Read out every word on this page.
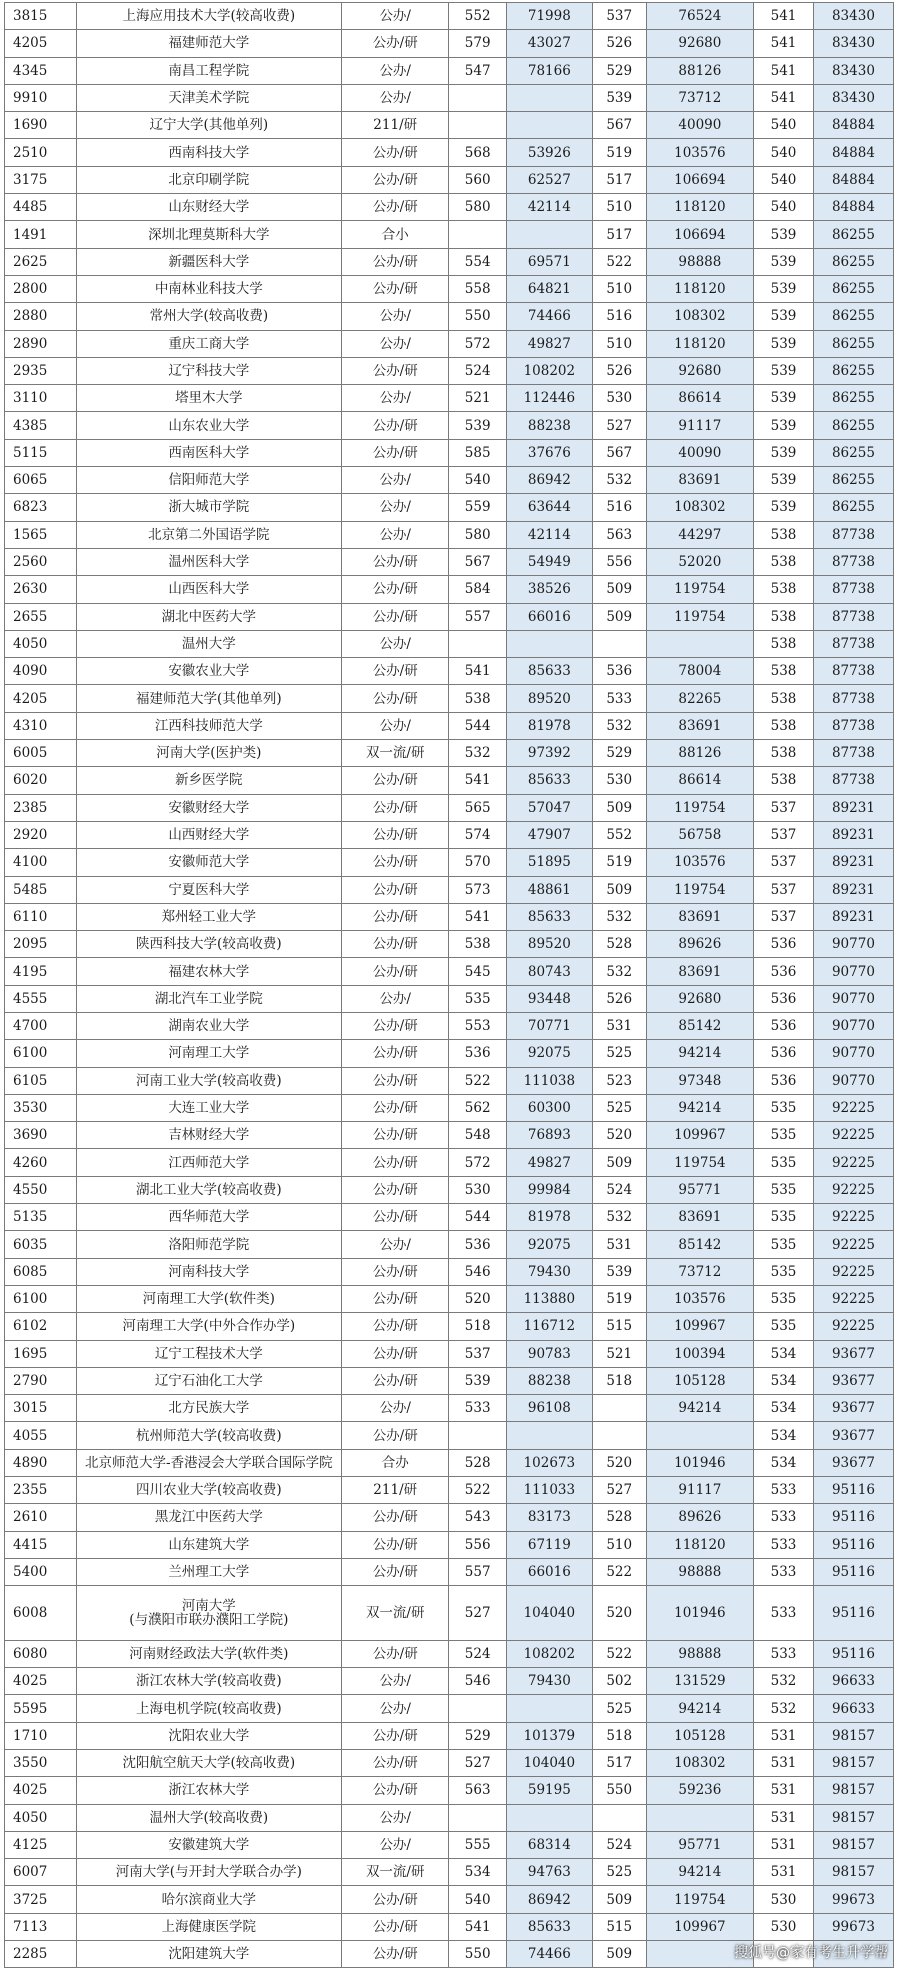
3815	上海应用技术大学(较高收费)	公办/	552	71998	537	76524	541	83430
4205	福建师范大学	公办/研	579	43027	526	92680	541	83430
4345	南昌工程学院	公办/	547	78166	529	88126	541	83430
9910	天津美术学院	公办/			539	73712	541	83430
1690	辽宁大学(其他单列)	211/研			567	40090	540	84884
2510	西南科技大学	公办/研	568	53926	519	103576	540	84884
3175	北京印刷学院	公办/研	560	62527	517	106694	540	84884
4485	山东财经大学	公办/研	580	42114	510	118120	540	84884
1491	深圳北理莫斯科大学	合小			517	106694	539	86255
2625	新疆医科大学	公办/研	554	69571	522	98888	539	86255
2800	中南林业科技大学	公办/研	558	64821	510	118120	539	86255
2880	常州大学(较高收费)	公办/	550	74466	516	108302	539	86255
2890	重庆工商大学	公办/	572	49827	510	118120	539	86255
2935	辽宁科技大学	公办/研	524	108202	526	92680	539	86255
3110	塔里木大学	公办/	521	112446	530	86614	539	86255
4385	山东农业大学	公办/研	539	88238	527	91117	539	86255
5115	西南医科大学	公办/研	585	37676	567	40090	539	86255
6065	信阳师范大学	公办/	540	86942	532	83691	539	86255
6823	浙大城市学院	公办/	559	63644	516	108302	539	86255
1565	北京第二外国语学院	公办/	580	42114	563	44297	538	87738
2560	温州医科大学	公办/研	567	54949	556	52020	538	87738
2630	山西医科大学	公办/研	584	38526	509	119754	538	87738
2655	湖北中医药大学	公办/研	557	66016	509	119754	538	87738
4050	温州大学	公办/					538	87738
4090	安徽农业大学	公办/研	541	85633	536	78004	538	87738
4205	福建师范大学(其他单列)	公办/研	538	89520	533	82265	538	87738
4310	江西科技师范大学	公办/	544	81978	532	83691	538	87738
6005	河南大学(医护类)	双一流/研	532	97392	529	88126	538	87738
6020	新乡医学院	公办/研	541	85633	530	86614	538	87738
2385	安徽财经大学	公办/研	565	57047	509	119754	537	89231
2920	山西财经大学	公办/研	574	47907	552	56758	537	89231
4100	安徽师范大学	公办/研	570	51895	519	103576	537	89231
5485	宁夏医科大学	公办/研	573	48861	509	119754	537	89231
6110	郑州轻工业大学	公办/研	541	85633	532	83691	537	89231
2095	陕西科技大学(较高收费)	公办/研	538	89520	528	89626	536	90770
4195	福建农林大学	公办/研	545	80743	532	83691	536	90770
4555	湖北汽车工业学院	公办/	535	93448	526	92680	536	90770
4700	湖南农业大学	公办/研	553	70771	531	85142	536	90770
6100	河南理工大学	公办/研	536	92075	525	94214	536	90770
6105	河南工业大学(较高收费)	公办/研	522	111038	523	97348	536	90770
3530	大连工业大学	公办/研	562	60300	525	94214	535	92225
3690	吉林财经大学	公办/研	548	76893	520	109967	535	92225
4260	江西师范大学	公办/研	572	49827	509	119754	535	92225
4550	湖北工业大学(较高收费)	公办/研	530	99984	524	95771	535	92225
5135	西华师范大学	公办/研	544	81978	532	83691	535	92225
6035	洛阳师范学院	公办/	536	92075	531	85142	535	92225
6085	河南科技大学	公办/研	546	79430	539	73712	535	92225
6100	河南理工大学(软件类)	公办/研	520	113880	519	103576	535	92225
6102	河南理工大学(中外合作办学)	公办/研	518	116712	515	109967	535	92225
1695	辽宁工程技术大学	公办/研	537	90783	521	100394	534	93677
2790	辽宁石油化工大学	公办/研	539	88238	518	105128	534	93677
3015	北方民族大学	公办/	533	96108		94214	534	93677
4055	杭州师范大学(较高收费)	公办/研					534	93677
4890	北京师范大学-香港浸会大学联合国际学院	合办	528	102673	520	101946	534	93677
2355	四川农业大学(较高收费)	211/研	522	111033	527	91117	533	95116
2610	黑龙江中医药大学	公办/研	543	83173	528	89626	533	95116
4415	山东建筑大学	公办/研	556	67119	510	118120	533	95116
5400	兰州理工大学	公办/研	557	66016	522	98888	533	95116
6008	河南大学
(与濮阳市联办濮阳工学院)	双一流/研	527	104040	520	101946	533	95116
6080	河南财经政法大学(软件类)	公办/研	524	108202	522	98888	533	95116
4025	浙江农林大学(较高收费)	公办/	546	79430	502	131529	532	96633
5595	上海电机学院(较高收费)	公办/			525	94214	532	96633
1710	沈阳农业大学	公办/研	529	101379	518	105128	531	98157
3550	沈阳航空航天大学(较高收费)	公办/研	527	104040	517	108302	531	98157
4025	浙江农林大学	公办/研	563	59195	550	59236	531	98157
4050	温州大学(较高收费)	公办/					531	98157
4125	安徽建筑大学	公办/	555	68314	524	95771	531	98157
6007	河南大学(与开封大学联合办学)	双一流/研	534	94763	525	94214	531	98157
3725	哈尔滨商业大学	公办/研	540	86942	509	119754	530	99673
7113	上海健康医学院	公办/研	541	85633	515	109967	530	99673
2285	沈阳建筑大学	公办/研	550	74466	509				搜狐号@家有考生升学帮
